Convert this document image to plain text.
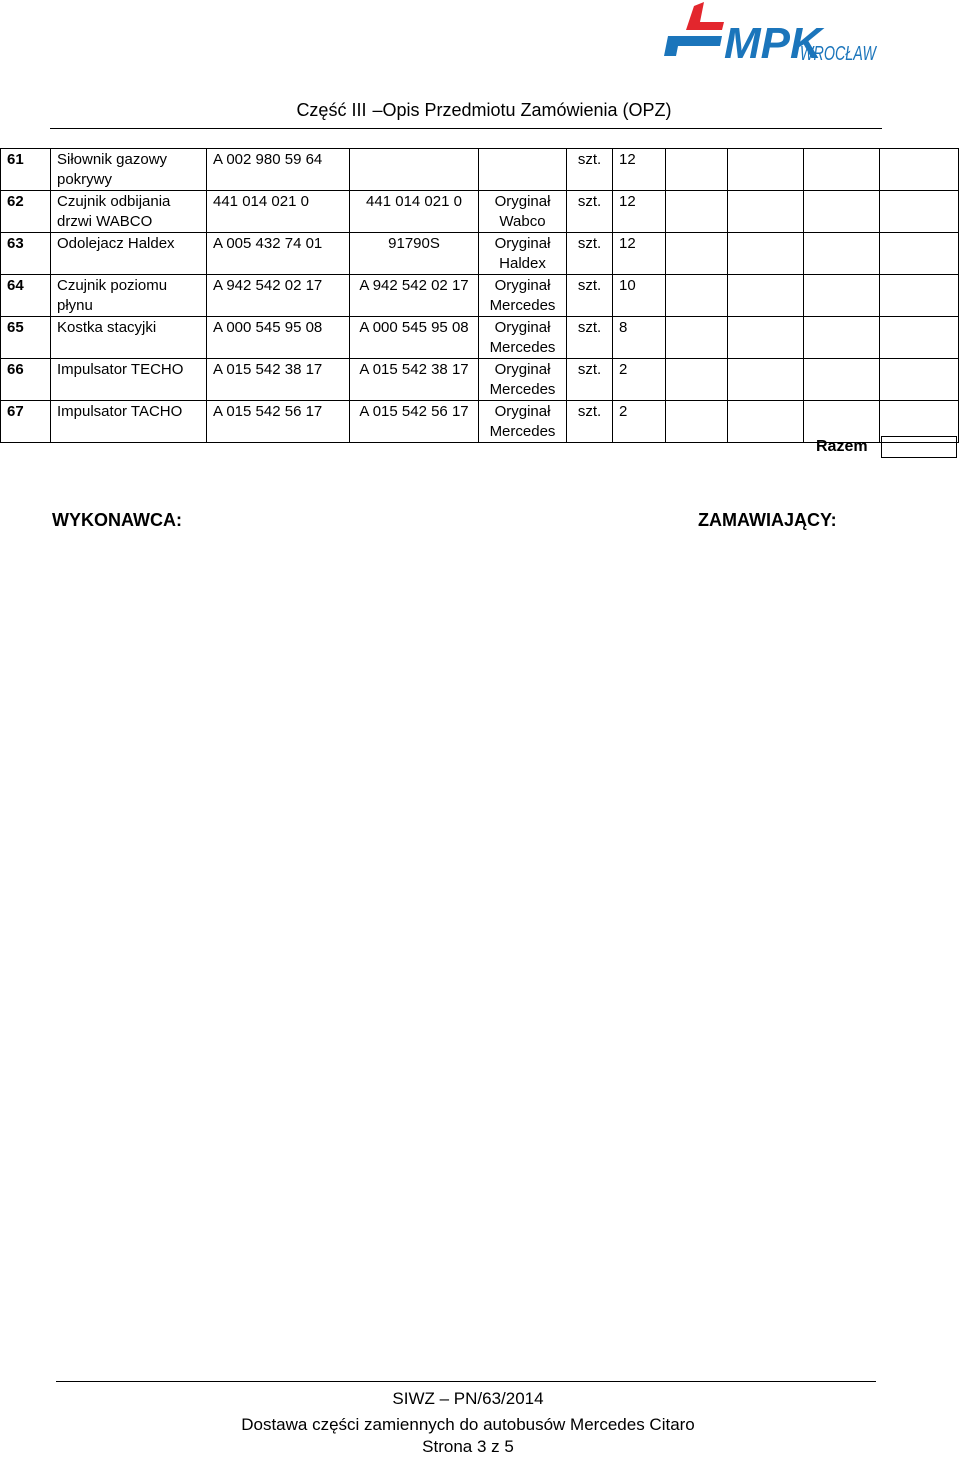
MPK
WROCŁAW
Część III –Opis Przedmiotu Zamówienia (OPZ)
61	Siłownik gazowy pokrywy	A 002 980 59 64			szt.	12				
62	Czujnik odbijania drzwi WABCO	441 014 021 0	441 014 021 0	Oryginał Wabco	szt.	12				
63	Odolejacz Haldex	A 005 432 74 01	91790S	Oryginał Haldex	szt.	12				
64	Czujnik poziomu płynu	A 942 542 02 17	A 942 542 02 17	Oryginał Mercedes	szt.	10				
65	Kostka stacyjki	A 000 545 95 08	A 000 545 95 08	Oryginał Mercedes	szt.	8				
66	Impulsator TECHO	A 015 542 38 17	A 015 542 38 17	Oryginał Mercedes	szt.	2				
67	Impulsator TACHO	A 015 542 56 17	A 015 542 56 17	Oryginał Mercedes	szt.	2				
Razem
WYKONAWCA:	ZAMAWIAJĄCY:
SIWZ – PN/63/2014
Dostawa części zamiennych do autobusów Mercedes Citaro
Strona 3 z 5
